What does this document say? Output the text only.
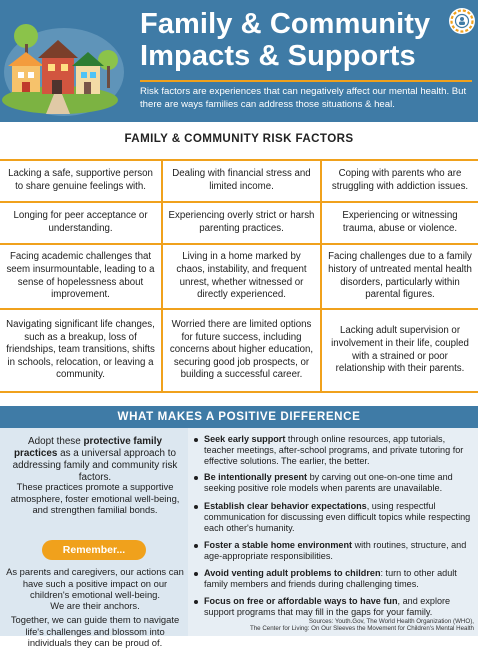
Family & Community
Impacts & Supports
Risk factors are experiences that can negatively affect our mental health. But there are ways families can address those situations & heal.
FAMILY & COMMUNITY RISK FACTORS
Lacking a safe, supportive person to share genuine feelings with.
Dealing with financial stress and limited income.
Coping with parents who are struggling with addiction issues.
Longing for peer acceptance or understanding.
Experiencing overly strict or harsh parenting practices.
Experiencing or witnessing trauma, abuse or violence.
Facing academic challenges that seem insurmountable, leading to a sense of hopelessness about improvement.
Living in a home marked by chaos, instability, and frequent unrest, whether witnessed or directly experienced.
Facing challenges due to a family history of untreated mental health disorders, particularly within parental figures.
Navigating significant life changes, such as a breakup, loss of friendships, team transitions, shifts in schools, relocation, or leaving a community.
Worried there are limited options for future success, including concerns about higher education, securing good job prospects, or building a successful career.
Lacking adult supervision or involvement in their life, coupled with a strained or poor relationship with their parents.
WHAT MAKES A POSITIVE DIFFERENCE

Adopt these protective family practices as a universal approach to addressing family and community risk factors.

These practices promote a supportive atmosphere, foster emotional well-being, and strengthen familial bonds.

Remember...

As parents and caregivers, our actions can have such a positive impact on our children's emotional well-being.

We are their anchors.

Together, we can guide them to navigate life's challenges and blossom into individuals they can be proud of.

Seek early support through online resources, app tutorials, teacher meetings, after-school programs, and private tutoring for effective solutions. The earlier, the better.
Be intentionally present by carving out one-on-one time and seeking positive role models when parents are unavailable.
Establish clear behavior expectations, using respectful communication for discussing even difficult topics while respecting each other's humanity.
Foster a stable home environment with routines, structure, and age-appropriate responsibilities.
Avoid venting adult problems to children: turn to other adult family members and friends during challenging times.
Focus on free or affordable ways to have fun, and explore support programs that may fill in the gaps for your family.
Sources: Youth.Gov, The World Health Organization (WHO),
The Center for Living: On Our Sleeves the Movement for Children's Mental Health
